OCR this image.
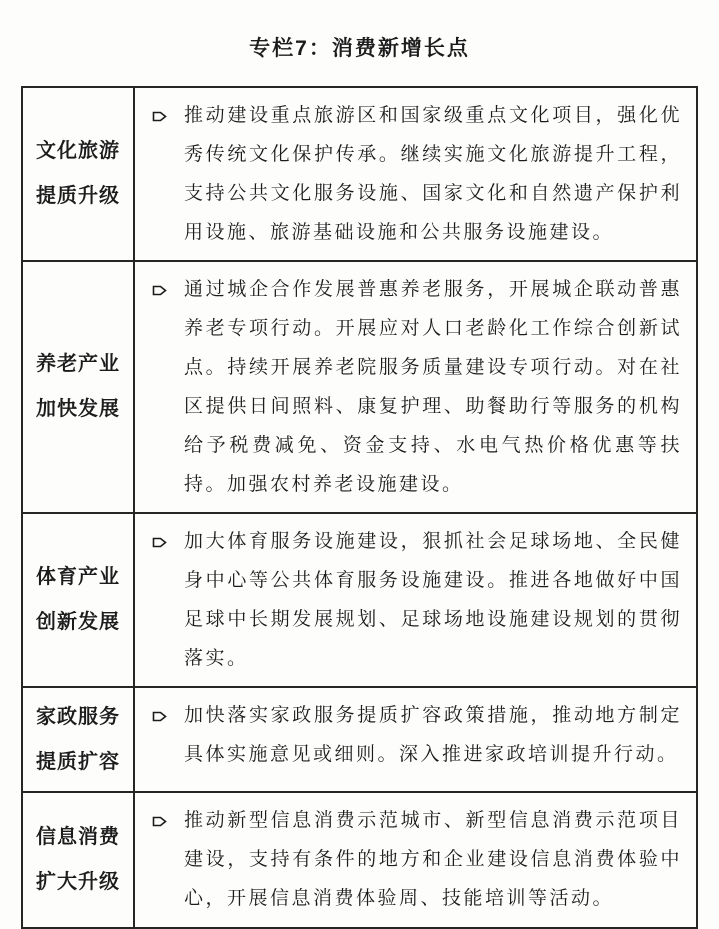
专栏7：消费新增长点
文化旅游
提质升级
推动建设重点旅游区和国家级重点文化项目，强化优秀传统文化保护传承。继续实施文化旅游提升工程，支持公共文化服务设施、国家文化和自然遗产保护利用设施、旅游基础设施和公共服务设施建设。
养老产业
加快发展
通过城企合作发展普惠养老服务，开展城企联动普惠养老专项行动。开展应对人口老龄化工作综合创新试点。持续开展养老院服务质量建设专项行动。对在社区提供日间照料、康复护理、助餐助行等服务的机构给予税费减免、资金支持、水电气热价格优惠等扶持。加强农村养老设施建设。
体育产业
创新发展
加大体育服务设施建设，狠抓社会足球场地、全民健身中心等公共体育服务设施建设。推进各地做好中国足球中长期发展规划、足球场地设施建设规划的贯彻落实。
家政服务
提质扩容
加快落实家政服务提质扩容政策措施，推动地方制定具体实施意见或细则。深入推进家政培训提升行动。
信息消费
扩大升级
推动新型信息消费示范城市、新型信息消费示范项目建设，支持有条件的地方和企业建设信息消费体验中心，开展信息消费体验周、技能培训等活动。
